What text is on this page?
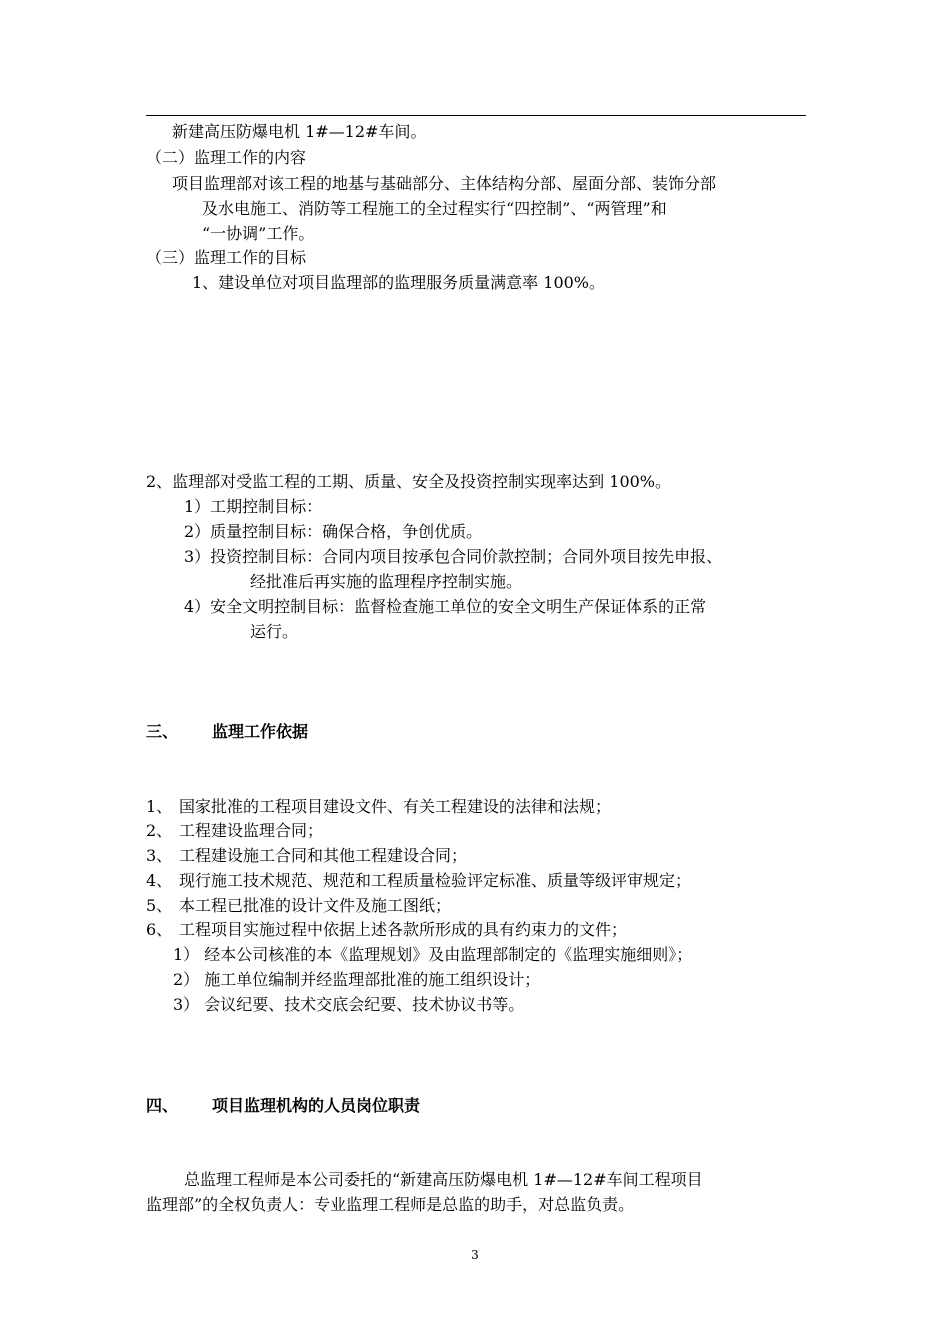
新建高压防爆电机 1#—12#车间。
（二）监理工作的内容
项目监理部对该工程的地基与基础部分、主体结构分部、屋面分部、装饰分部
及水电施工、消防等工程施工的全过程实行“四控制”、“两管理”和
“一协调”工作。
（三）监理工作的目标
1、建设单位对项目监理部的监理服务质量满意率 100%。
2、监理部对受监工程的工期、质量、安全及投资控制实现率达到 100%。
1）工期控制目标：
2）质量控制目标：确保合格，争创优质。
3）投资控制目标：合同内项目按承包合同价款控制；合同外项目按先申报、
经批准后再实施的监理程序控制实施。
4）安全文明控制目标：监督检查施工单位的安全文明生产保证体系的正常
运行。
三、 监理工作依据
1、 国家批准的工程项目建设文件、有关工程建设的法律和法规；
2、 工程建设监理合同；
3、 工程建设施工合同和其他工程建设合同；
4、 现行施工技术规范、规范和工程质量检验评定标准、质量等级评审规定；
5、 本工程已批准的设计文件及施工图纸；
6、 工程项目实施过程中依据上述各款所形成的具有约束力的文件；
1） 经本公司核准的本《监理规划》及由监理部制定的《监理实施细则》；
2） 施工单位编制并经监理部批准的施工组织设计；
3） 会议纪要、技术交底会纪要、技术协议书等。
四、 项目监理机构的人员岗位职责
总监理工程师是本公司委托的“新建高压防爆电机 1#—12#车间工程项目
监理部”的全权负责人：专业监理工程师是总监的助手，对总监负责。
3
